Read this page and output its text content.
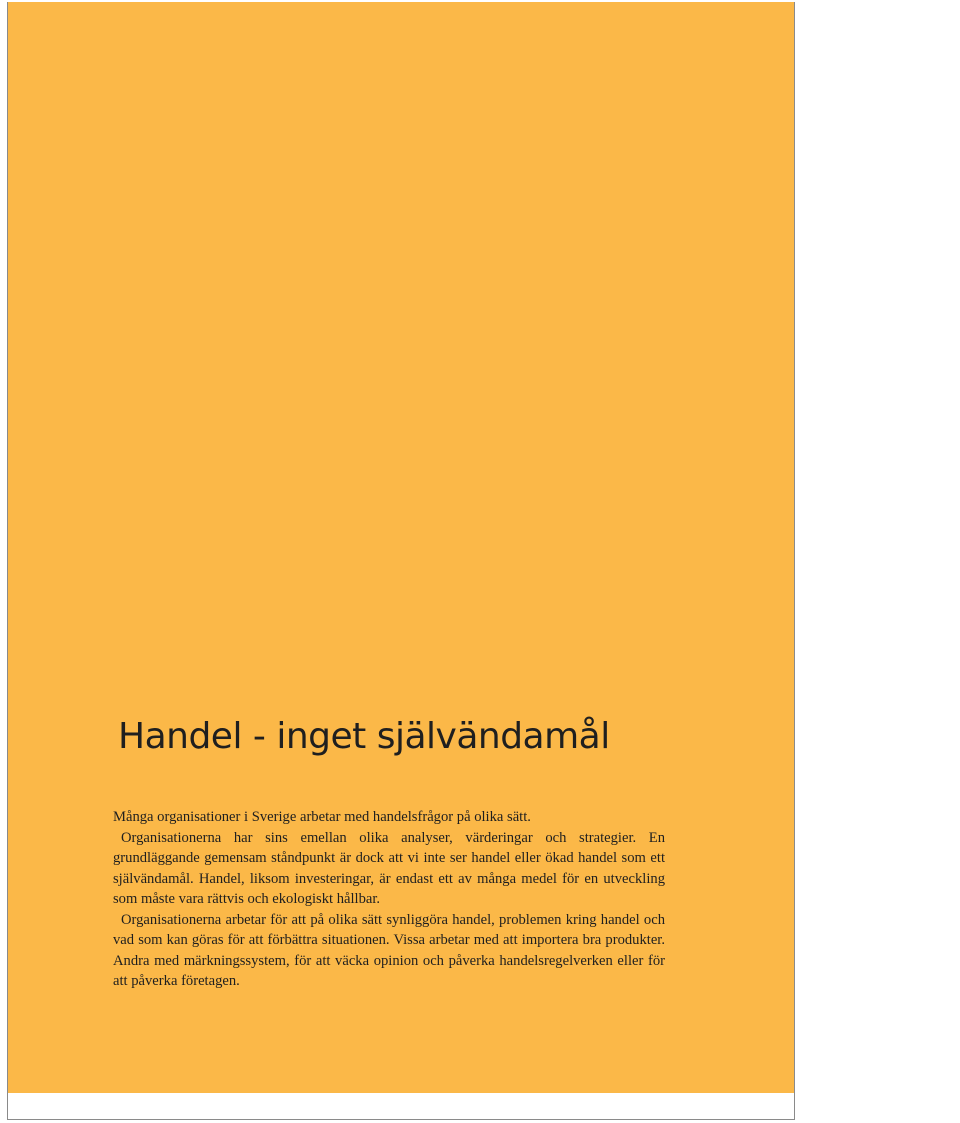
Handel - inget självändamål

Många organisationer i Sverige arbetar med handelsfrågor på olika sätt.

Organisationerna har sins emellan olika analyser, värderingar och strategier. En grundläggande gemensam ståndpunkt är dock att vi inte ser handel eller ökad handel som ett självändamål. Handel, liksom investeringar, är endast ett av många medel för en utveckling som måste vara rättvis och ekologiskt hållbar.

Organisationerna arbetar för att på olika sätt synliggöra handel, problemen kring handel och vad som kan göras för att förbättra situationen. Vissa arbetar med att importera bra produkter. Andra med märkningssystem, för att väcka opinion och påverka handelsregelverken eller för att påverka företagen.
